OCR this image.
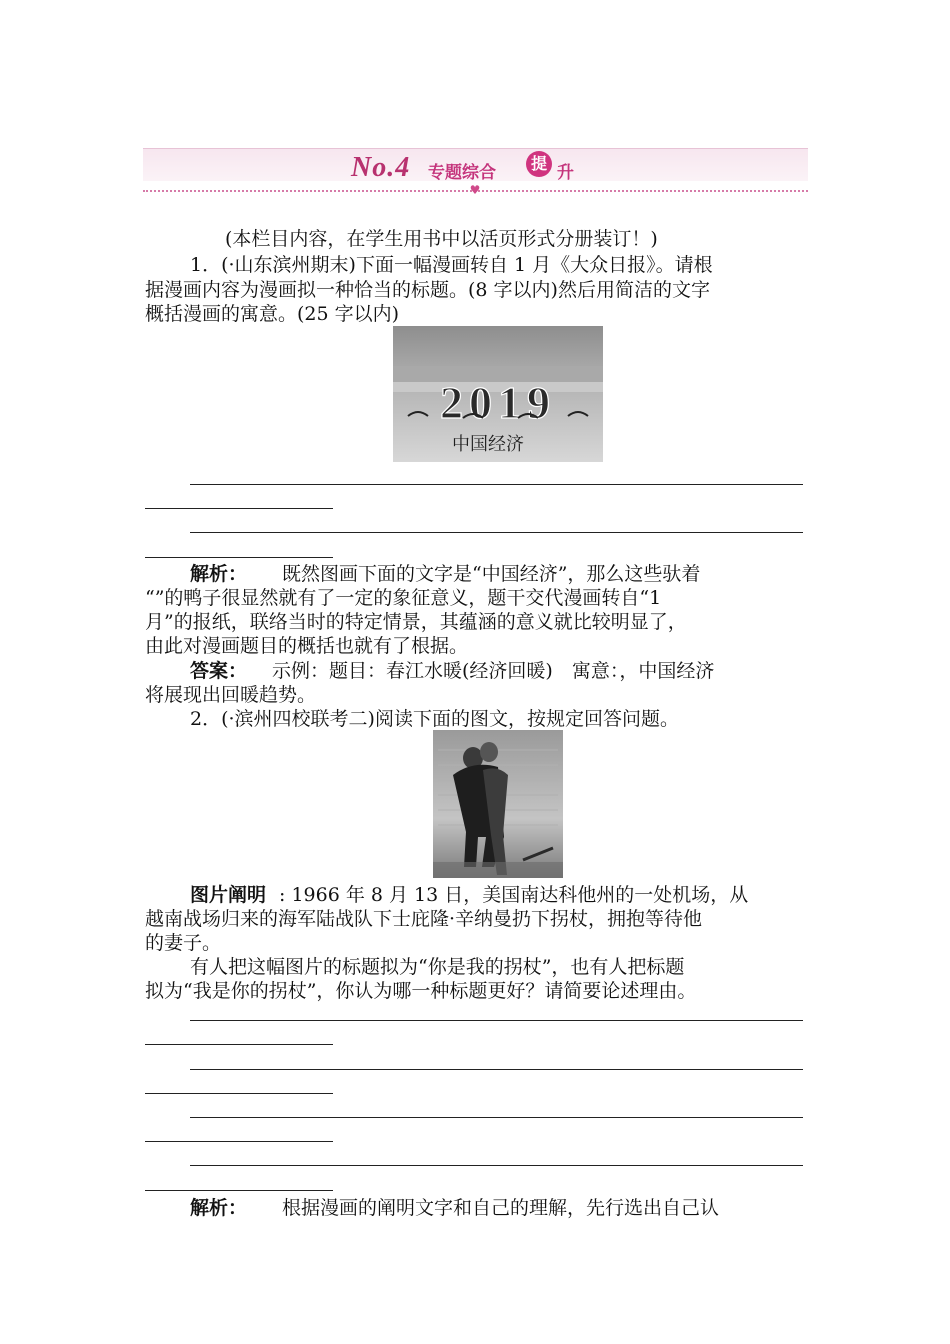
♥
No.4 专题综合	提 升
(本栏目内容，在学生用书中以活页形式分册装订！)
1．(·山东滨州期末)下面一幅漫画转自 1 月《大众日报》。请根
据漫画内容为漫画拟一种恰当的标题。(8 字以内)然后用简洁的文字
概括漫画的寓意。(25 字以内)
2019
中国经济
解析： 既然图画下面的文字是“中国经济”，那么这些驮着
“”的鸭子很显然就有了一定的象征意义，题干交代漫画转自“1
月”的报纸，联络当时的特定情景，其蕴涵的意义就比较明显了，
由此对漫画题目的概括也就有了根据。
答案： 示例：题目：春江水暖(经济回暖)　寓意：，中国经济
将展现出回暖趋势。
2．(·滨州四校联考二)阅读下面的图文，按规定回答问题。
图片阐明 : 1966 年 8 月 13 日，美国南达科他州的一处机场，从
越南战场归来的海军陆战队下士庇隆·辛纳曼扔下拐杖，拥抱等待他
的妻子。
有人把这幅图片的标题拟为“你是我的拐杖”，也有人把标题
拟为“我是你的拐杖”，你认为哪一种标题更好？请简要论述理由。
解析： 根据漫画的阐明文字和自己的理解，先行选出自己认
